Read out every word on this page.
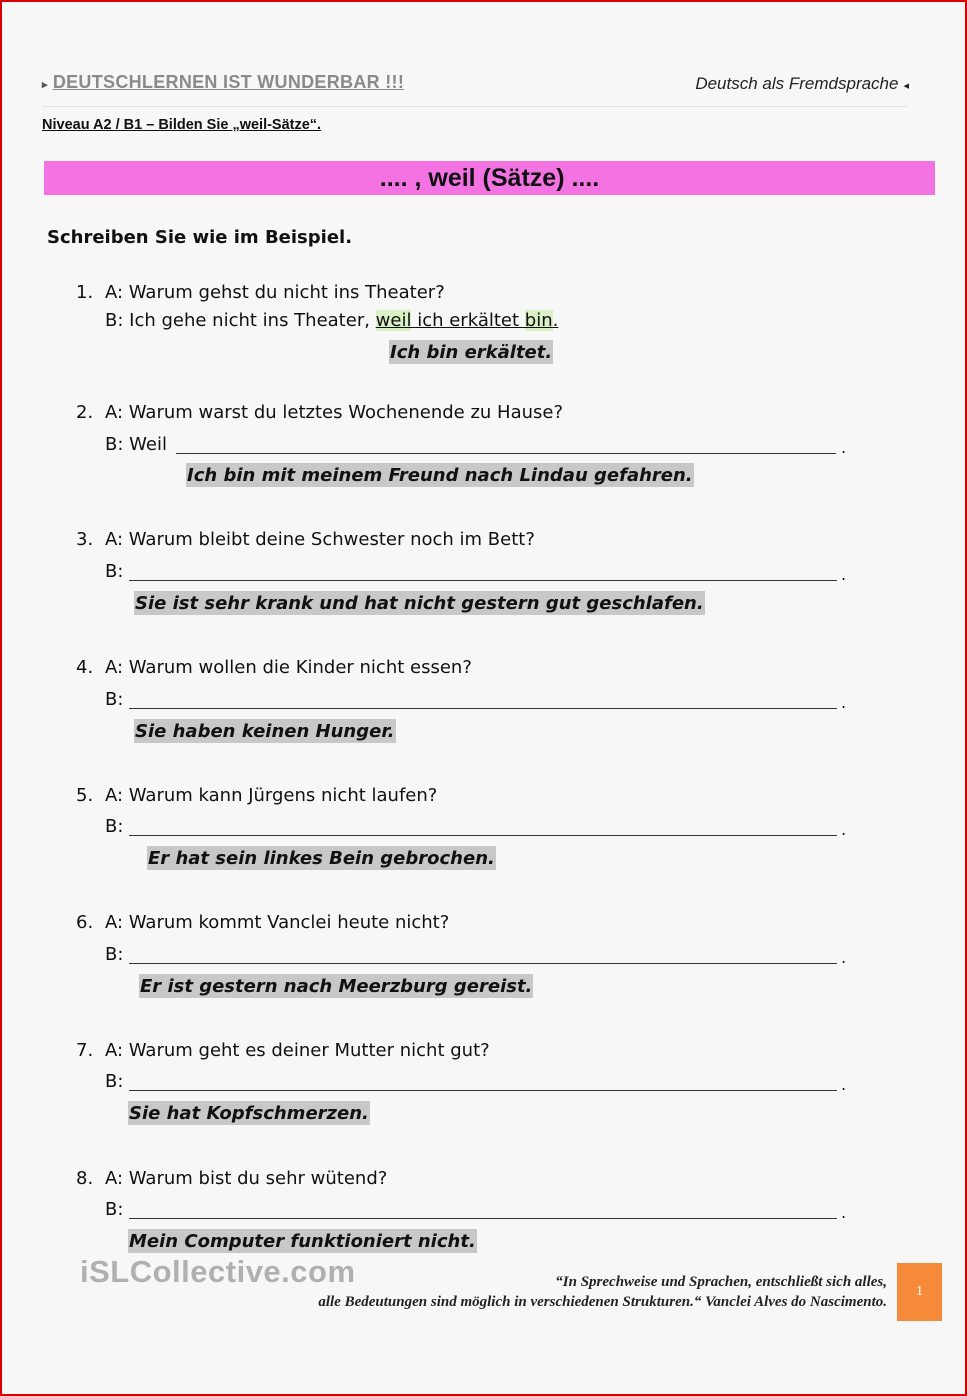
▸ DEUTSCHLERNEN IST WUNDERBAR !!!	Deutsch als Fremdsprache ◂
Niveau A2 / B1 – Bilden Sie „weil-Sätze“.
.... , weil (Sätze) ....
Schreiben Sie wie im Beispiel.
1. A: Warum gehst du nicht ins Theater?
B: Ich gehe nicht ins Theater, weil ich erkältet bin.
Ich bin erkältet.
2. A: Warum warst du letztes Wochenende zu Hause?
B: Weil	.
Ich bin mit meinem Freund nach Lindau gefahren.
3. A: Warum bleibt deine Schwester noch im Bett?
B:	.
Sie ist sehr krank und hat nicht gestern gut geschlafen.
4. A: Warum wollen die Kinder nicht essen?
B:	.
Sie haben keinen Hunger.
5. A: Warum kann Jürgens nicht laufen?
B:	.
Er hat sein linkes Bein gebrochen.
6. A: Warum kommt Vanclei heute nicht?
B:	.
Er ist gestern nach Meerzburg gereist.
7. A: Warum geht es deiner Mutter nicht gut?
B:	.
Sie hat Kopfschmerzen.
8. A: Warum bist du sehr wütend?
B:	.
Mein Computer funktioniert nicht.
iSLCollective.com	“In Sprechweise und Sprachen, entschließt sich alles,
alle Bedeutungen sind möglich in verschiedenen Strukturen.“ Vanclei Alves do Nascimento.
1
